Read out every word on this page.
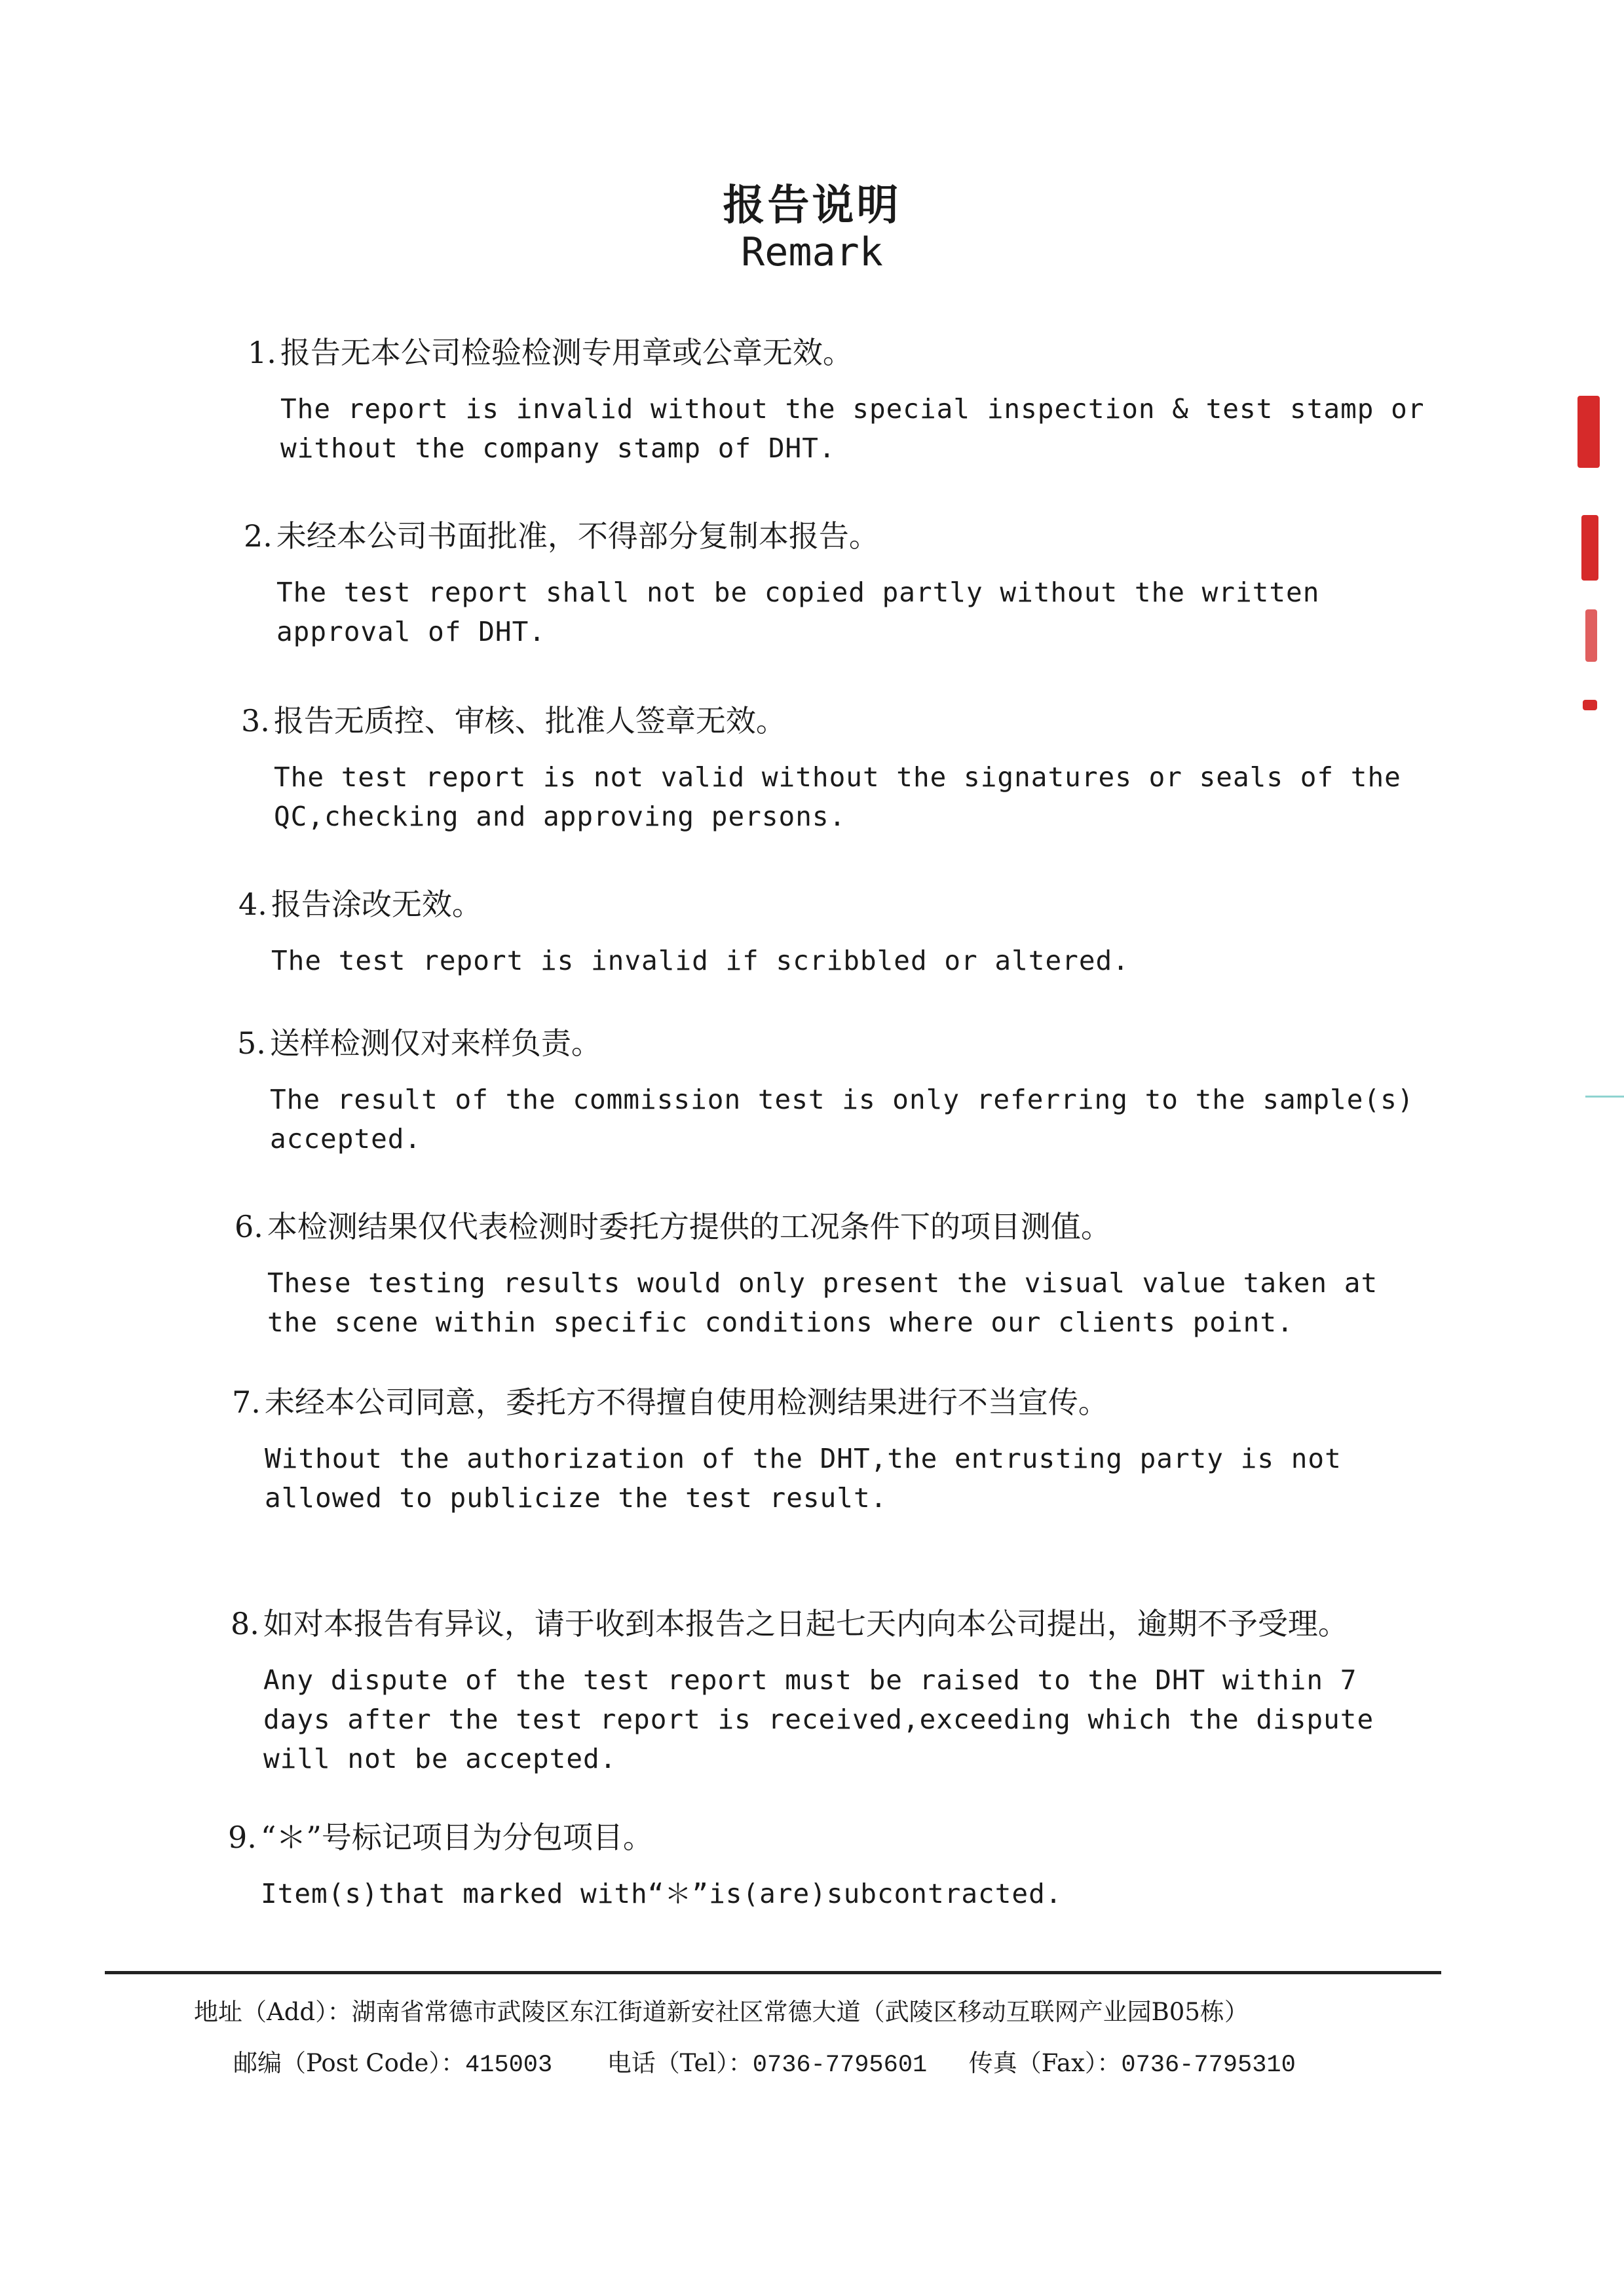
报告说明
Remark
1. 报告无本公司检验检测专用章或公章无效。
The report is invalid without the special inspection & test stamp or without the company stamp of DHT.
2. 未经本公司书面批准，不得部分复制本报告。
The test report shall not be copied partly without the written approval of DHT.
3. 报告无质控、审核、批准人签章无效。
The test report is not valid without the signatures or seals of the QC,checking and approving persons.
4. 报告涂改无效。
The test report is invalid if scribbled or altered.
5. 送样检测仅对来样负责。
The result of the commission test is only referring to the sample(s) accepted.
6. 本检测结果仅代表检测时委托方提供的工况条件下的项目测值。
These testing results would only present the visual value taken at the scene within specific conditions where our clients point.
7. 未经本公司同意，委托方不得擅自使用检测结果进行不当宣传。
Without the authorization of the DHT,the entrusting party is not allowed to publicize the test result.
8. 如对本报告有异议，请于收到本报告之日起七天内向本公司提出，逾期不予受理。
Any dispute of the test report must be raised to the DHT within 7 days after the test report is received,exceeding which the dispute will not be accepted.
9. “＊”号标记项目为分包项目。
Item(s)that marked with“＊”is(are)subcontracted.
地址（Add）：湖南省常德市武陵区东江街道新安社区常德大道（武陵区移动互联网产业园B05栋）
邮编（Post Code）：415003 电话（Tel）：0736-7795601 传真（Fax）：0736-7795310
